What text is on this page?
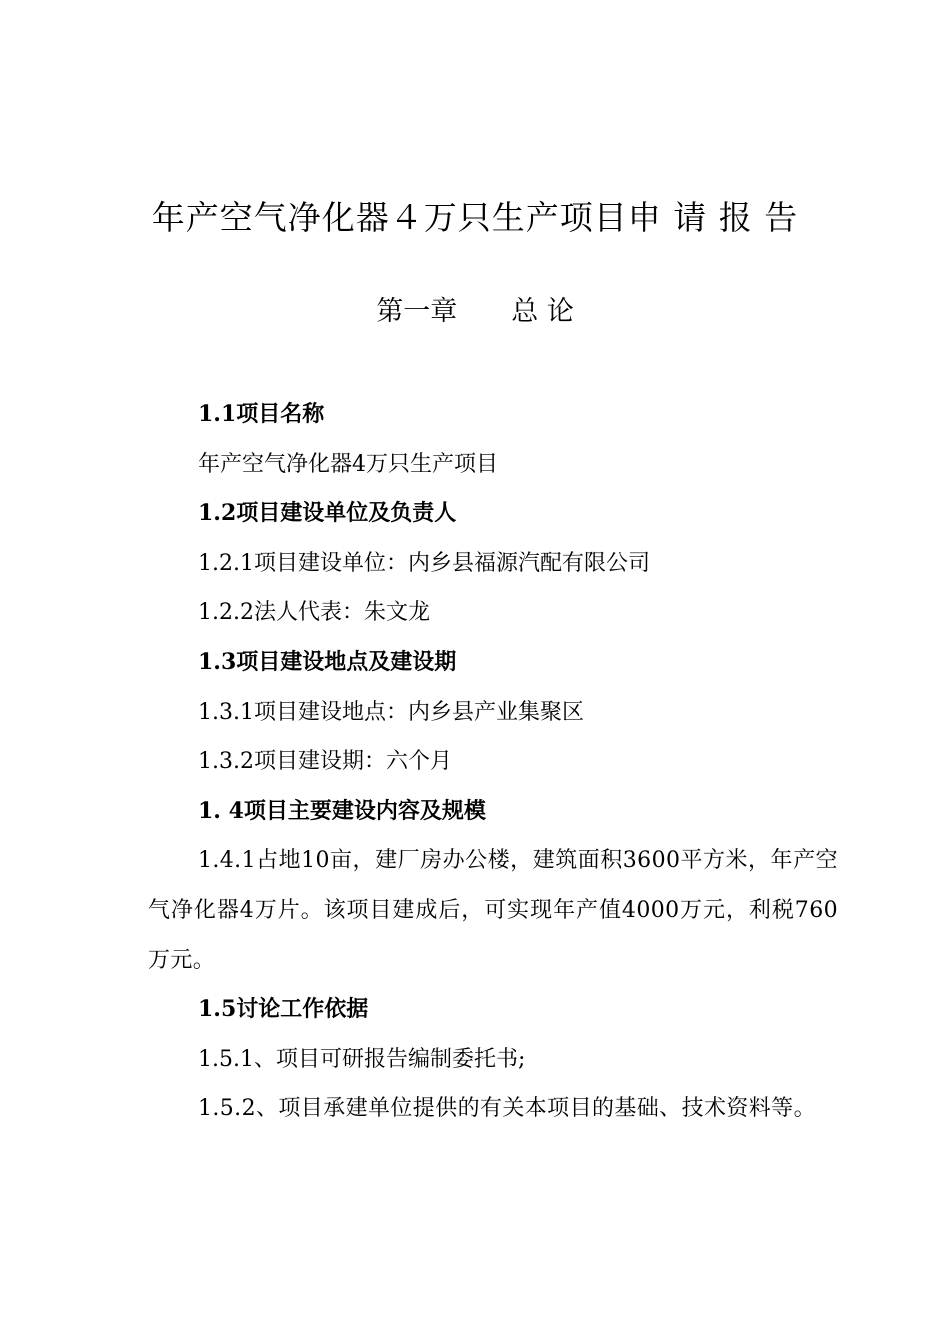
年产空气净化器４万只生产项目申 请 报 告
第一章　　总 论

1.1项目名称

年产空气净化器4万只生产项目

1.2项目建设单位及负责人

1.2.1项目建设单位：内乡县福源汽配有限公司

1.2.2法人代表：朱文龙

1.3项目建设地点及建设期

1.3.1项目建设地点：内乡县产业集聚区

1.3.2项目建设期：六个月

1. 4项目主要建设内容及规模

1.4.1占地10亩，建厂房办公楼，建筑面积3600平方米，年产空气净化器4万片。该项目建成后，可实现年产值4000万元，利税760万元。

1.5讨论工作依据

1.5.1、项目可研报告编制委托书;

1.5.2、项目承建单位提供的有关本项目的基础、技术资料等。
